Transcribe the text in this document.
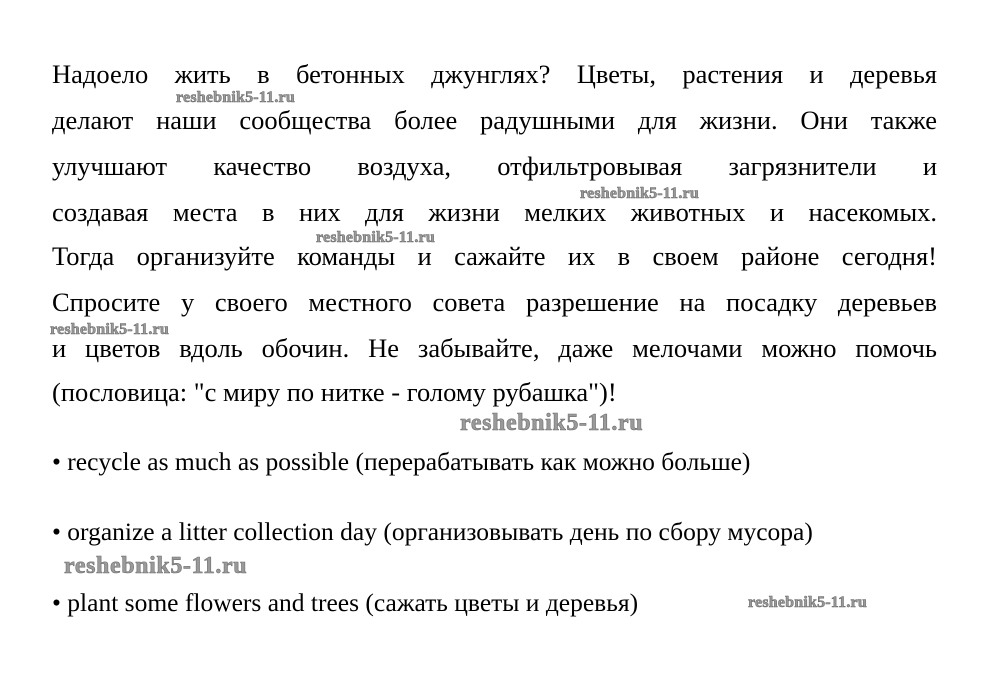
Надоело жить в бетонных джунглях? Цветы, растения и деревья
делают наши сообщества более радушными для жизни. Они также
улучшают качество воздуха, отфильтровывая загрязнители и
создавая места в них для жизни мелких животных и насекомых.
Тогда организуйте команды и сажайте их в своем районе сегодня!
Спросите у своего местного совета разрешение на посадку деревьев
и цветов вдоль обочин. Не забывайте, даже мелочами можно помочь
(пословица: "с миру по нитке - голому рубашка")!
• recycle as much as possible (перерабатывать как можно больше)
• organize a litter collection day (организовывать день по сбору мусора)
• plant some flowers and trees (сажать цветы и деревья)
reshebnik5-11.ru
reshebnik5-11.ru
reshebnik5-11.ru
reshebnik5-11.ru
reshebnik5-11.ru
reshebnik5-11.ru
reshebnik5-11.ru
